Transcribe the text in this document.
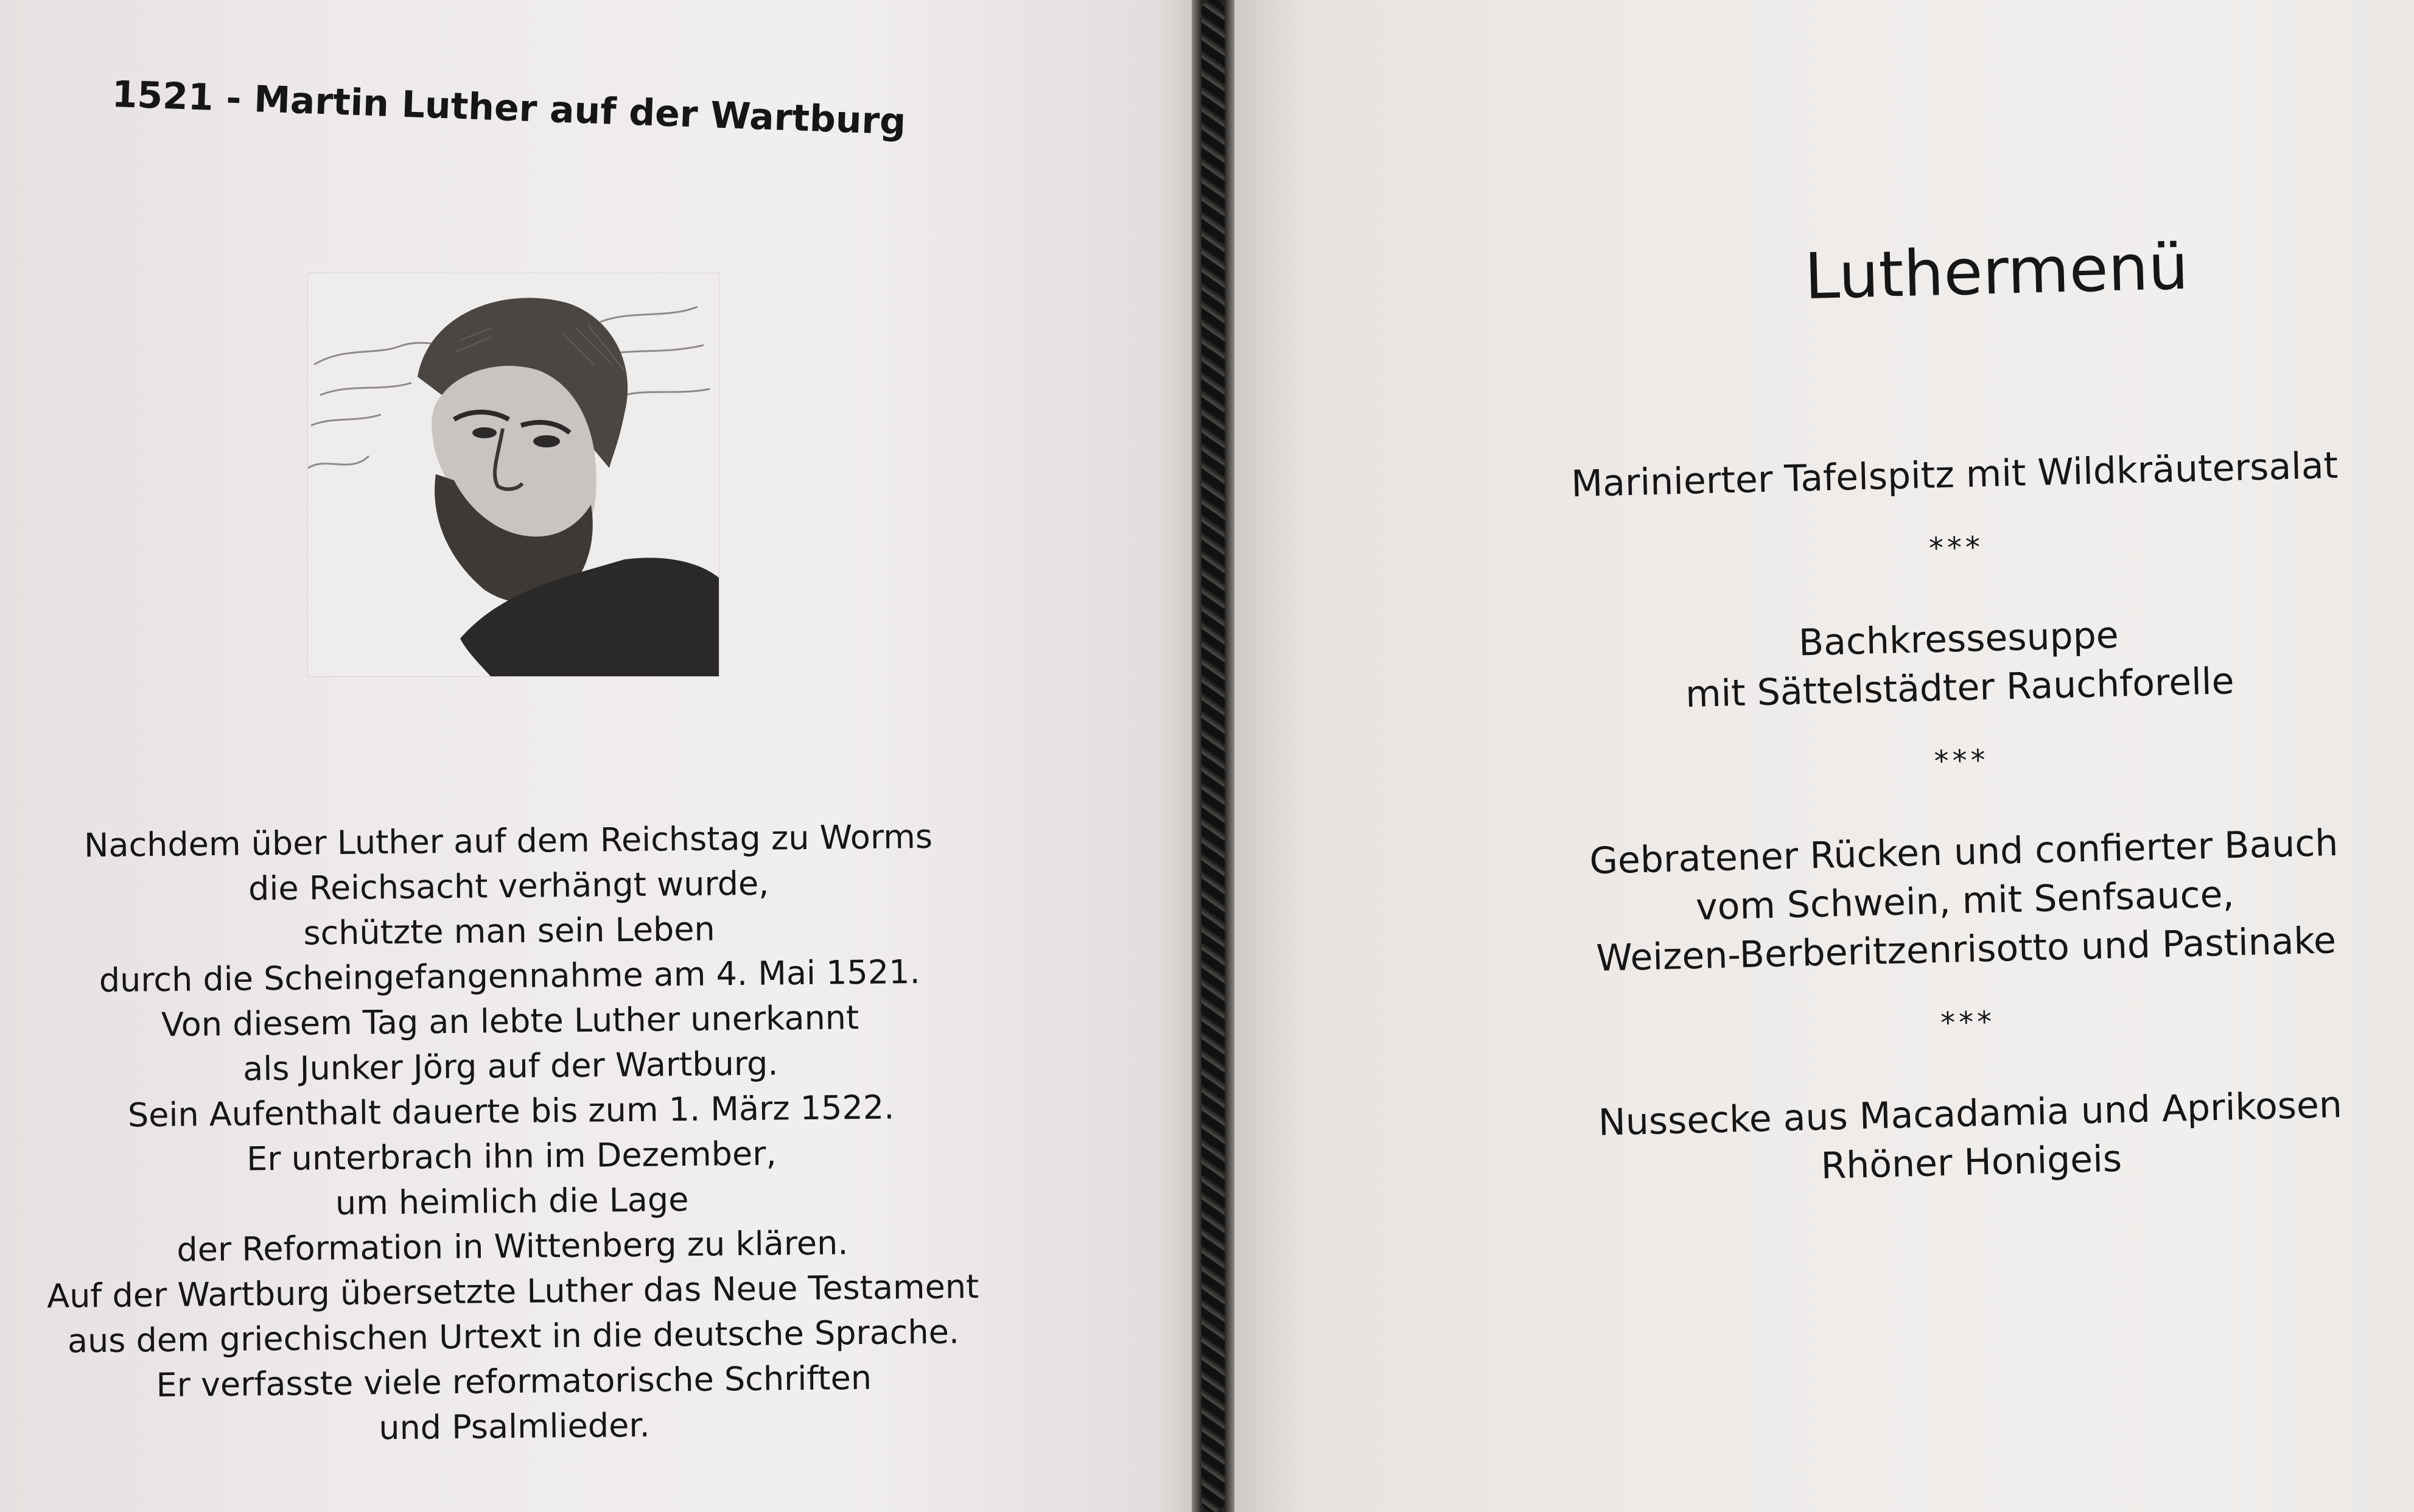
1521 - Martin Luther auf der Wartburg
Nachdem über Luther auf dem Reichstag zu Worms
die Reichsacht verhängt wurde,
schützte man sein Leben
durch die Scheingefangennahme am 4. Mai 1521.
Von diesem Tag an lebte Luther unerkannt
als Junker Jörg auf der Wartburg.
Sein Aufenthalt dauerte bis zum 1. März 1522.
Er unterbrach ihn im Dezember,
um heimlich die Lage
der Reformation in Wittenberg zu klären.
Auf der Wartburg übersetzte Luther das Neue Testament
aus dem griechischen Urtext in die deutsche Sprache.
Er verfasste viele reformatorische Schriften
und Psalmlieder.
Luthermenü
Marinierter Tafelspitz mit Wildkräutersalat
***
Bachkressesuppe
mit Sättelstädter Rauchforelle
***
Gebratener Rücken und confierter Bauch
vom Schwein, mit Senfsauce,
Weizen-Berberitzenrisotto und Pastinake
***
Nussecke aus Macadamia und Aprikosen
Rhöner Honigeis
